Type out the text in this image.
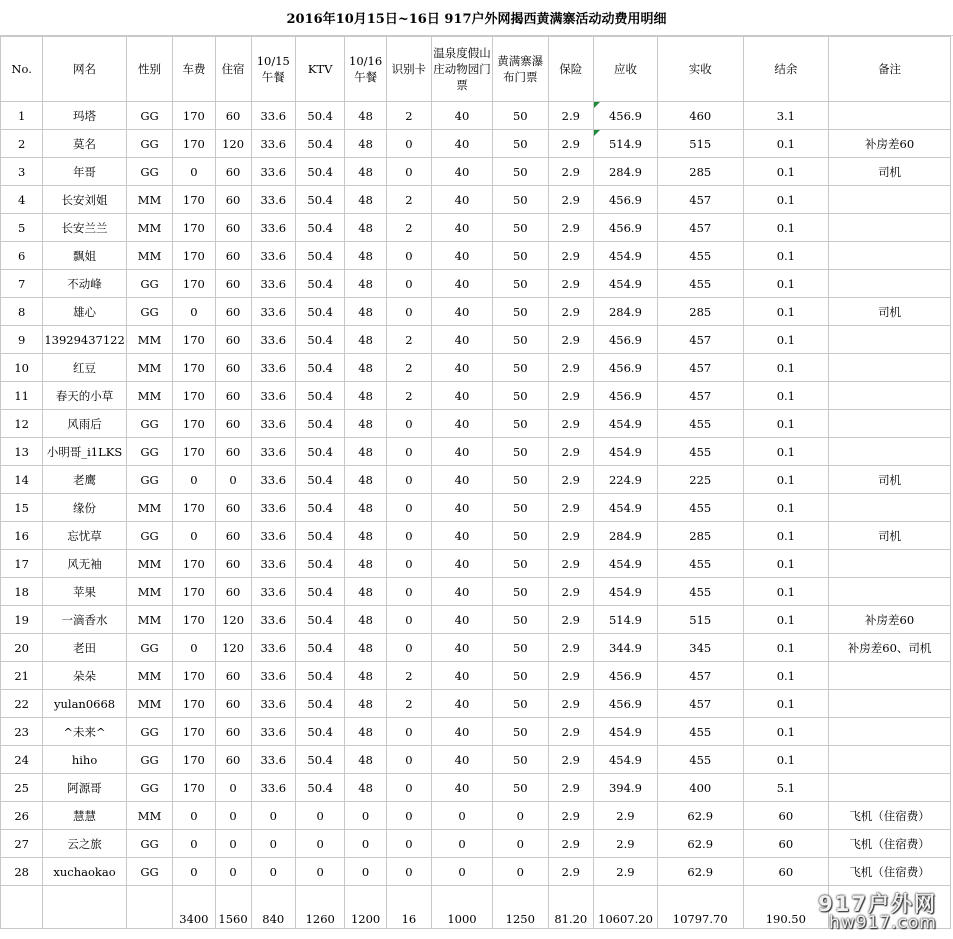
2016年10月15日~16日 917户外网揭西黄满寨活动动费用明细
No.	网名	性别	车费	住宿	10/15午餐	KTV	10/16午餐	识别卡	温泉度假山庄动物园门票	黄满寨瀑布门票	保险	应收	实收	结余	备注
1	玛塔	GG	170	60	33.6	50.4	48	2	40	50	2.9	456.9	460	3.1	
2	莫名	GG	170	120	33.6	50.4	48	0	40	50	2.9	514.9	515	0.1	补房差60
3	年哥	GG	0	60	33.6	50.4	48	0	40	50	2.9	284.9	285	0.1	司机
4	长安刘姐	MM	170	60	33.6	50.4	48	2	40	50	2.9	456.9	457	0.1	
5	长安兰兰	MM	170	60	33.6	50.4	48	2	40	50	2.9	456.9	457	0.1	
6	飘姐	MM	170	60	33.6	50.4	48	0	40	50	2.9	454.9	455	0.1	
7	不动峰	GG	170	60	33.6	50.4	48	0	40	50	2.9	454.9	455	0.1	
8	雄心	GG	0	60	33.6	50.4	48	0	40	50	2.9	284.9	285	0.1	司机
9	13929437122	MM	170	60	33.6	50.4	48	2	40	50	2.9	456.9	457	0.1	
10	红豆	MM	170	60	33.6	50.4	48	2	40	50	2.9	456.9	457	0.1	
11	春天的小草	MM	170	60	33.6	50.4	48	2	40	50	2.9	456.9	457	0.1	
12	风雨后	GG	170	60	33.6	50.4	48	0	40	50	2.9	454.9	455	0.1	
13	小明哥_i1LKS	GG	170	60	33.6	50.4	48	0	40	50	2.9	454.9	455	0.1	
14	老鹰	GG	0	0	33.6	50.4	48	0	40	50	2.9	224.9	225	0.1	司机
15	缘份	MM	170	60	33.6	50.4	48	0	40	50	2.9	454.9	455	0.1	
16	忘忧草	GG	0	60	33.6	50.4	48	0	40	50	2.9	284.9	285	0.1	司机
17	风无袖	MM	170	60	33.6	50.4	48	0	40	50	2.9	454.9	455	0.1	
18	苹果	MM	170	60	33.6	50.4	48	0	40	50	2.9	454.9	455	0.1	
19	一滴香水	MM	170	120	33.6	50.4	48	0	40	50	2.9	514.9	515	0.1	补房差60
20	老田	GG	0	120	33.6	50.4	48	0	40	50	2.9	344.9	345	0.1	补房差60、司机
21	朵朵	MM	170	60	33.6	50.4	48	2	40	50	2.9	456.9	457	0.1	
22	yulan0668	MM	170	60	33.6	50.4	48	2	40	50	2.9	456.9	457	0.1	
23	^未来^	GG	170	60	33.6	50.4	48	0	40	50	2.9	454.9	455	0.1	
24	hiho	GG	170	60	33.6	50.4	48	0	40	50	2.9	454.9	455	0.1	
25	阿源哥	GG	170	0	33.6	50.4	48	0	40	50	2.9	394.9	400	5.1	
26	慧慧	MM	0	0	0	0	0	0	0	0	2.9	2.9	62.9	60	飞机（住宿费）
27	云之旅	GG	0	0	0	0	0	0	0	0	2.9	2.9	62.9	60	飞机（住宿费）
28	xuchaokao	GG	0	0	0	0	0	0	0	0	2.9	2.9	62.9	60	飞机（住宿费）
			3400	1560	840	1260	1200	16	1000	1250	81.20	10607.20	10797.70	190.50	
917户外网
hw917.com
